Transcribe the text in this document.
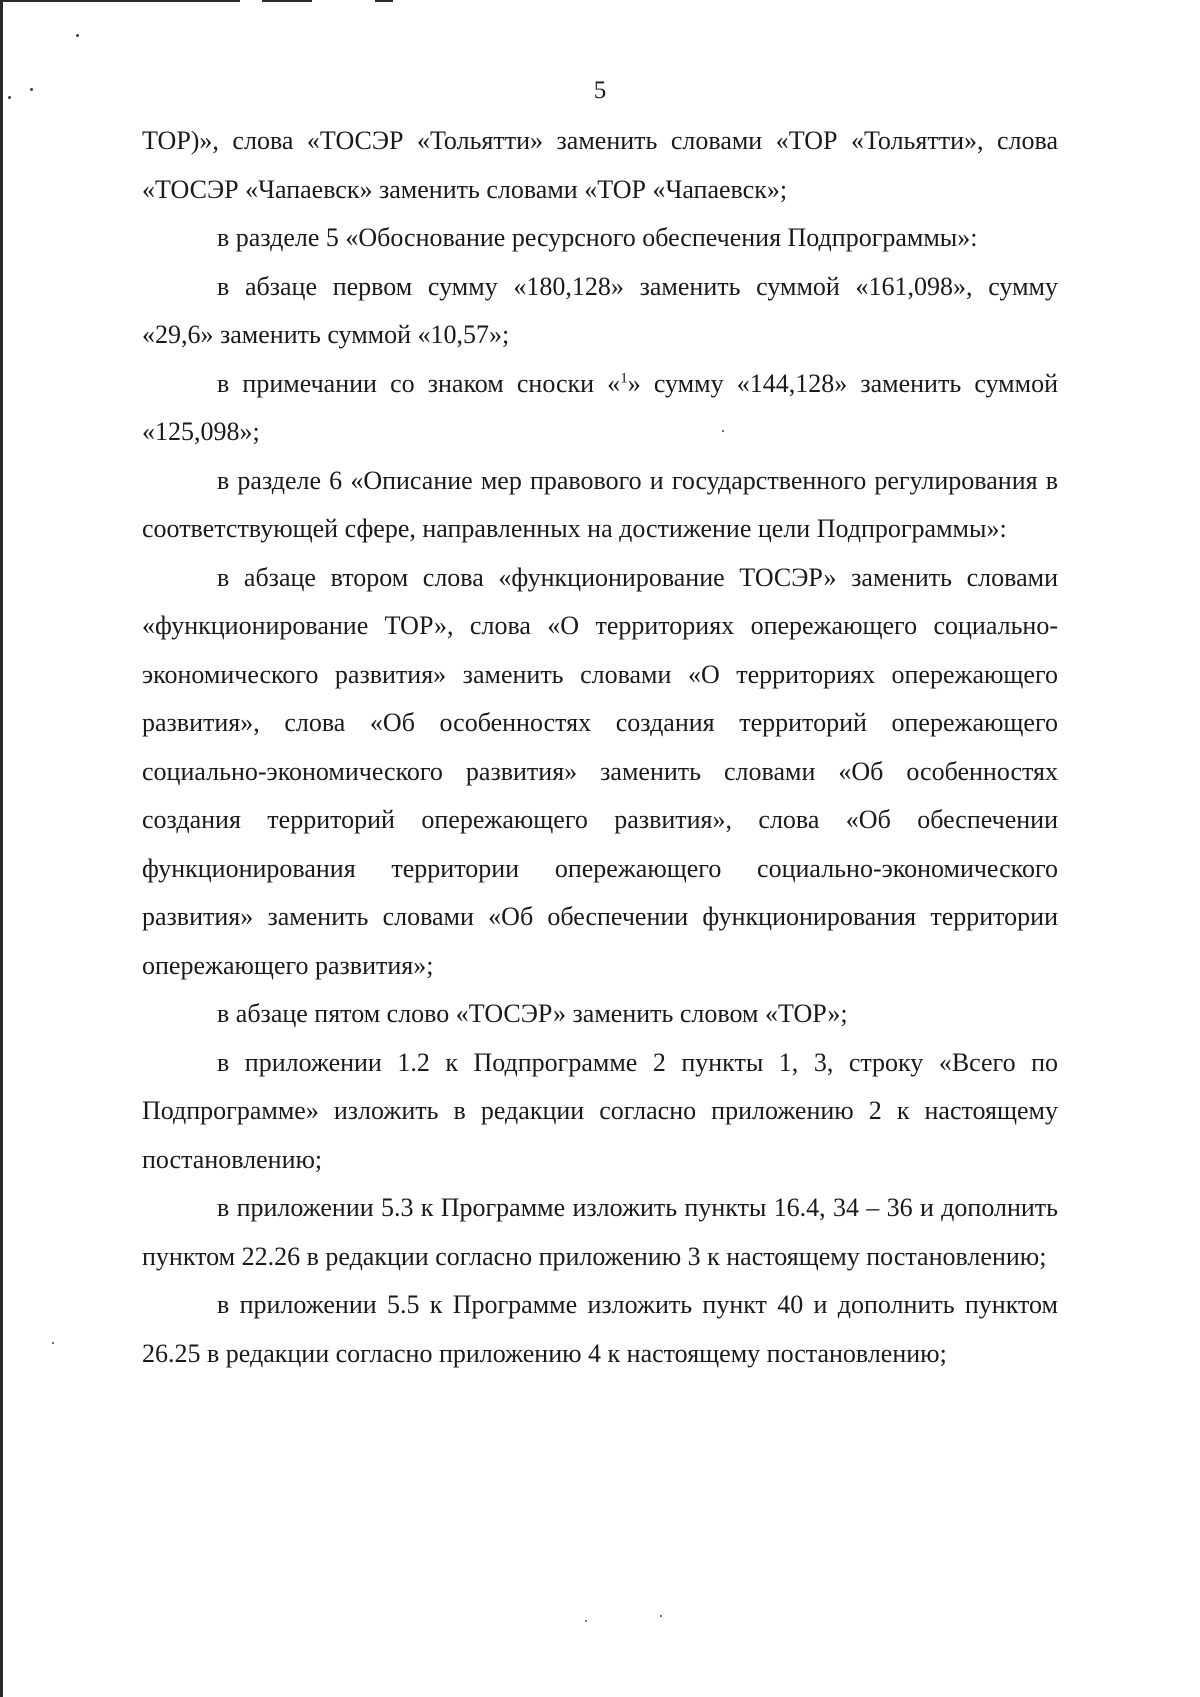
5

ТОР)», слова «ТОСЭР «Тольятти» заменить словами «ТОР «Тольятти», слова «ТОСЭР «Чапаевск» заменить словами «ТОР «Чапаевск»;

в разделе 5 «Обоснование ресурсного обеспечения Подпрограммы»:

в абзаце первом сумму «180,128» заменить суммой «161,098», сумму «29,6» заменить суммой «10,57»;

в примечании со знаком сноски «$^1$» сумму «144,128» заменить суммой «125,098»;

в разделе 6 «Описание мер правового и государственного регулирования в соответствующей сфере, направленных на достижение цели Подпрограммы»:

в абзаце втором слова «функционирование ТОСЭР» заменить словами «функционирование ТОР», слова «О территориях опережающего социально-экономического развития» заменить словами «О территориях опережающего развития», слова «Об особенностях создания территорий опережающего социально-экономического развития» заменить словами «Об особенностях создания территорий опережающего развития», слова «Об обеспечении функционирования территории опережающего социально-экономического развития» заменить словами «Об обеспечении функционирования территории опережающего развития»;

в абзаце пятом слово «ТОСЭР» заменить словом «ТОР»;

в приложении 1.2 к Подпрограмме 2 пункты 1, 3, строку «Всего по Подпрограмме» изложить в редакции согласно приложению 2 к настоящему постановлению;

в приложении 5.3 к Программе изложить пункты 16.4, 34 – 36 и дополнить пунктом 22.26 в редакции согласно приложению 3 к настоящему постановлению;

в приложении 5.5 к Программе изложить пункт 40 и дополнить пунктом 26.25 в редакции согласно приложению 4 к настоящему постановлению;
